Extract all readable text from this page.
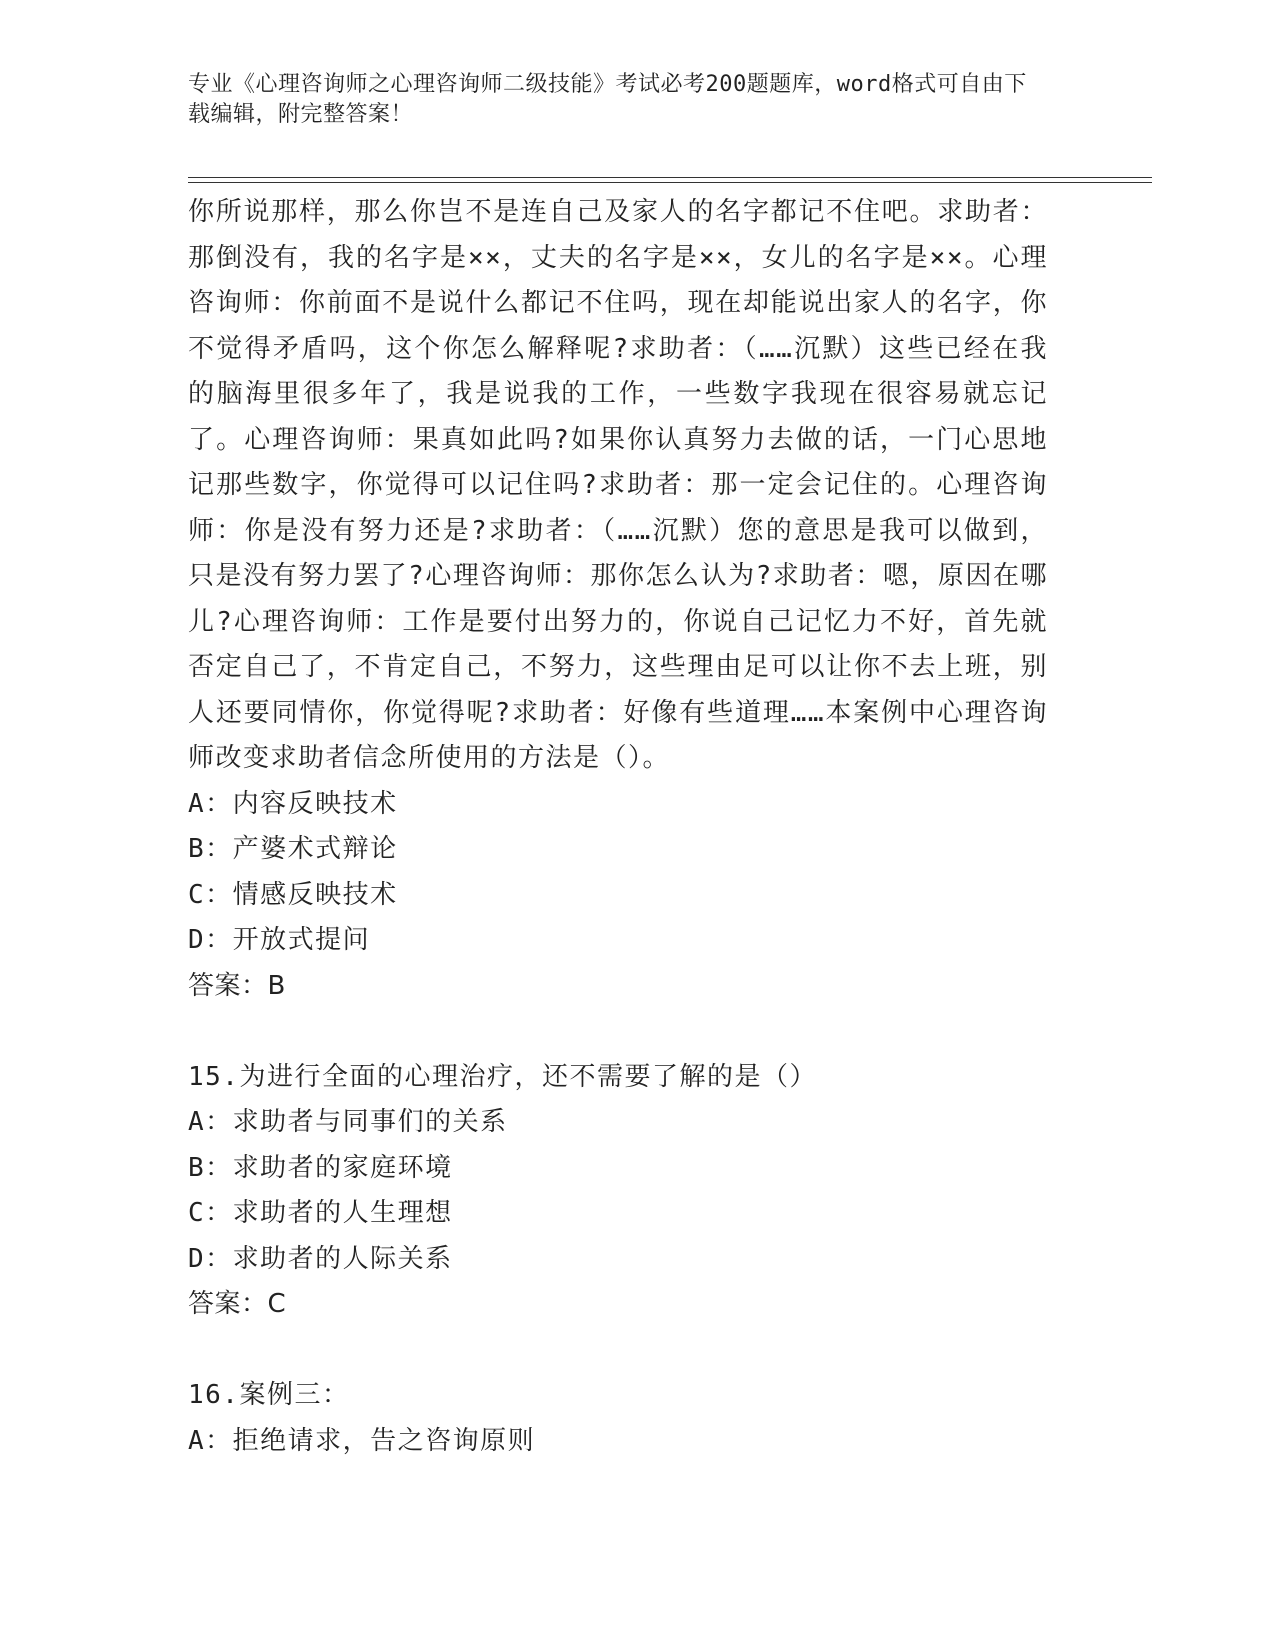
专业《心理咨询师之心理咨询师二级技能》考试必考200题题库，word格式可自由下载编辑，附完整答案！

你所说那样，那么你岂不是连自己及家人的名字都记不住吧。求助者：那倒没有，我的名字是××，丈夫的名字是××，女儿的名字是××。心理咨询师：你前面不是说什么都记不住吗，现在却能说出家人的名字，你不觉得矛盾吗，这个你怎么解释呢?求助者：（……沉默）这些已经在我的脑海里很多年了，我是说我的工作，一些数字我现在很容易就忘记了。心理咨询师：果真如此吗?如果你认真努力去做的话，一门心思地记那些数字，你觉得可以记住吗?求助者：那一定会记住的。心理咨询师：你是没有努力还是?求助者：（……沉默）您的意思是我可以做到，只是没有努力罢了?心理咨询师：那你怎么认为?求助者：嗯，原因在哪儿?心理咨询师：工作是要付出努力的，你说自己记忆力不好，首先就否定自己了，不肯定自己，不努力，这些理由足可以让你不去上班，别人还要同情你，你觉得呢?求助者：好像有些道理……本案例中心理咨询师改变求助者信念所使用的方法是（）。

A：内容反映技术

B：产婆术式辩论

C：情感反映技术

D：开放式提问

答案：B

15.为进行全面的心理治疗，还不需要了解的是（）

A：求助者与同事们的关系

B：求助者的家庭环境

C：求助者的人生理想

D：求助者的人际关系

答案：C

16.案例三：

A：拒绝请求，告之咨询原则
